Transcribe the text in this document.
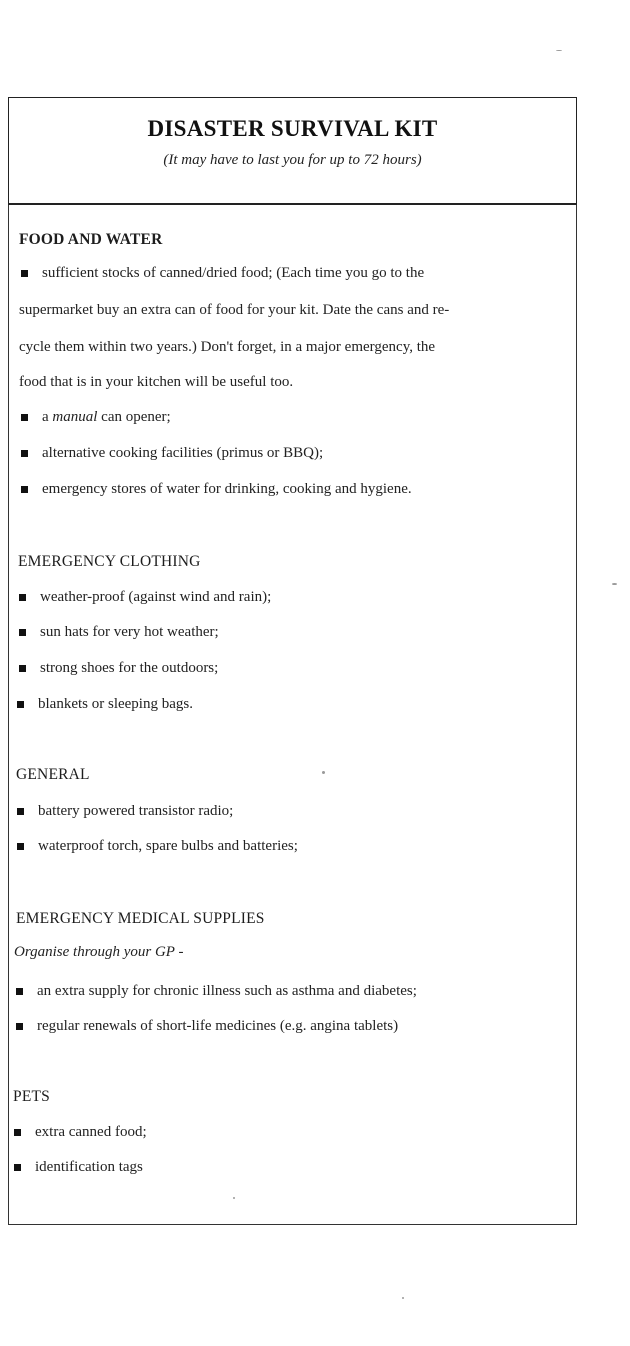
DISASTER SURVIVAL KIT
(It may have to last you for up to 72 hours)
FOOD AND WATER
sufficient stocks of canned/dried food; (Each time you go to the
supermarket buy an extra can of food for your kit. Date the cans and re-
cycle them within two years.) Don't forget, in a major emergency, the
food that is in your kitchen will be useful too.
a manual can opener;
alternative cooking facilities (primus or BBQ);
emergency stores of water for drinking, cooking and hygiene.
EMERGENCY CLOTHING
weather-proof (against wind and rain);
sun hats for very hot weather;
strong shoes for the outdoors;
blankets or sleeping bags.
GENERAL
battery powered transistor radio;
waterproof torch, spare bulbs and batteries;
EMERGENCY MEDICAL SUPPLIES
Organise through your GP -
an extra supply for chronic illness such as asthma and diabetes;
regular renewals of short-life medicines (e.g. angina tablets)
PETS
extra canned food;
identification tags
